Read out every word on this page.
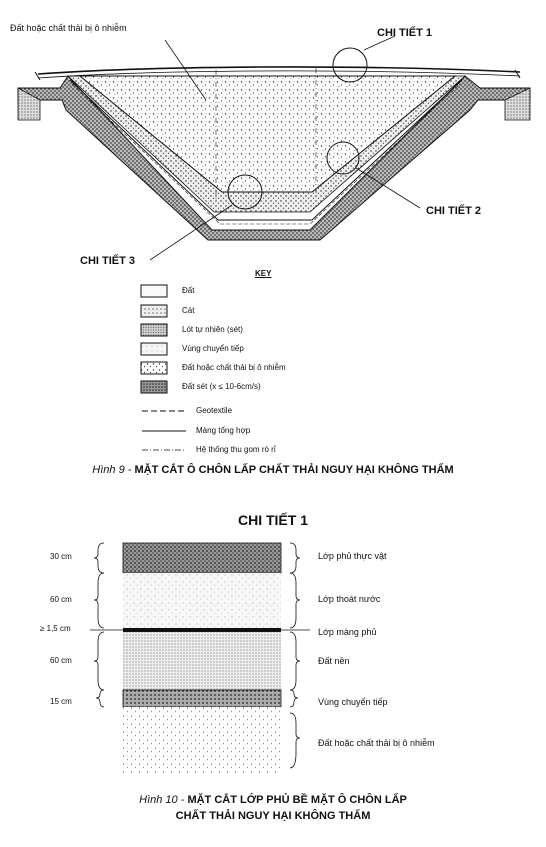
Đất hoặc chất thải bị ô nhiễm	CHI TIẾT 1
CHI TIẾT 2
CHI TIẾT 3
KEY
Đất
Cát
Lót tự nhiên (sét)
Vùng chuyển tiếp
Đất hoặc chất thải bị ô nhiễm
Đất sét (x ≤ 10-6cm/s)
Geotextile
Màng tổng hợp
Hệ thống thu gom rò rỉ
Hình 9 - MẶT CẮT Ô CHÔN LẤP CHẤT THẢI NGUY HẠI KHÔNG THẤM
CHI TIẾT 1
30 cm
60 cm
≥ 1,5 cm
60 cm
15 cm
Lớp phủ thực vật
Lớp thoát nước
Lớp màng phủ
Đất nền
Vùng chuyển tiếp
Đất hoặc chất thải bị ô nhiễm
Hình 10 - MẶT CẮT LỚP PHỦ BỀ MẶT Ô CHÔN LẤP
CHẤT THẢI NGUY HẠI KHÔNG THẤM
